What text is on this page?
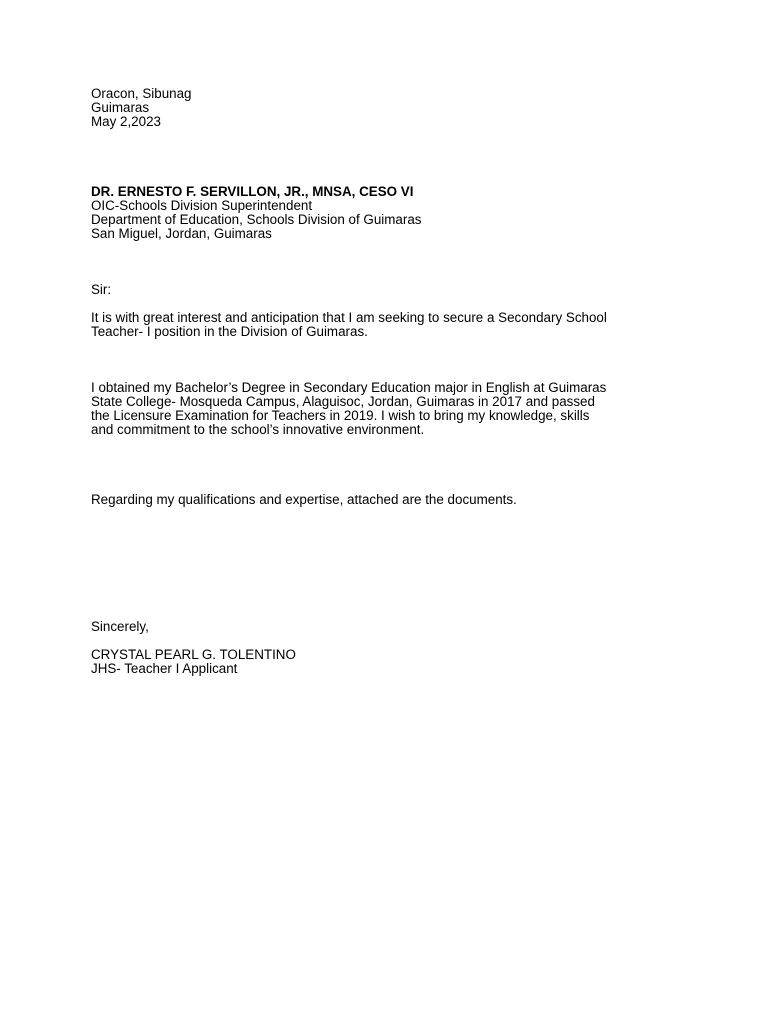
Oracon, Sibunag
Guimaras
May 2,2023
DR. ERNESTO F. SERVILLON, JR., MNSA, CESO VI
OIC-Schools Division Superintendent
Department of Education, Schools Division of Guimaras
San Miguel, Jordan, Guimaras
Sir:
It is with great interest and anticipation that I am seeking to secure a Secondary School
Teacher- I position in the Division of Guimaras.
I obtained my Bachelor’s Degree in Secondary Education major in English at Guimaras
State College- Mosqueda Campus, Alaguisoc, Jordan, Guimaras in 2017 and passed
the Licensure Examination for Teachers in 2019. I wish to bring my knowledge, skills
and commitment to the school’s innovative environment.
Regarding my qualifications and expertise, attached are the documents.
Sincerely,
CRYSTAL PEARL G. TOLENTINO
JHS- Teacher I Applicant
